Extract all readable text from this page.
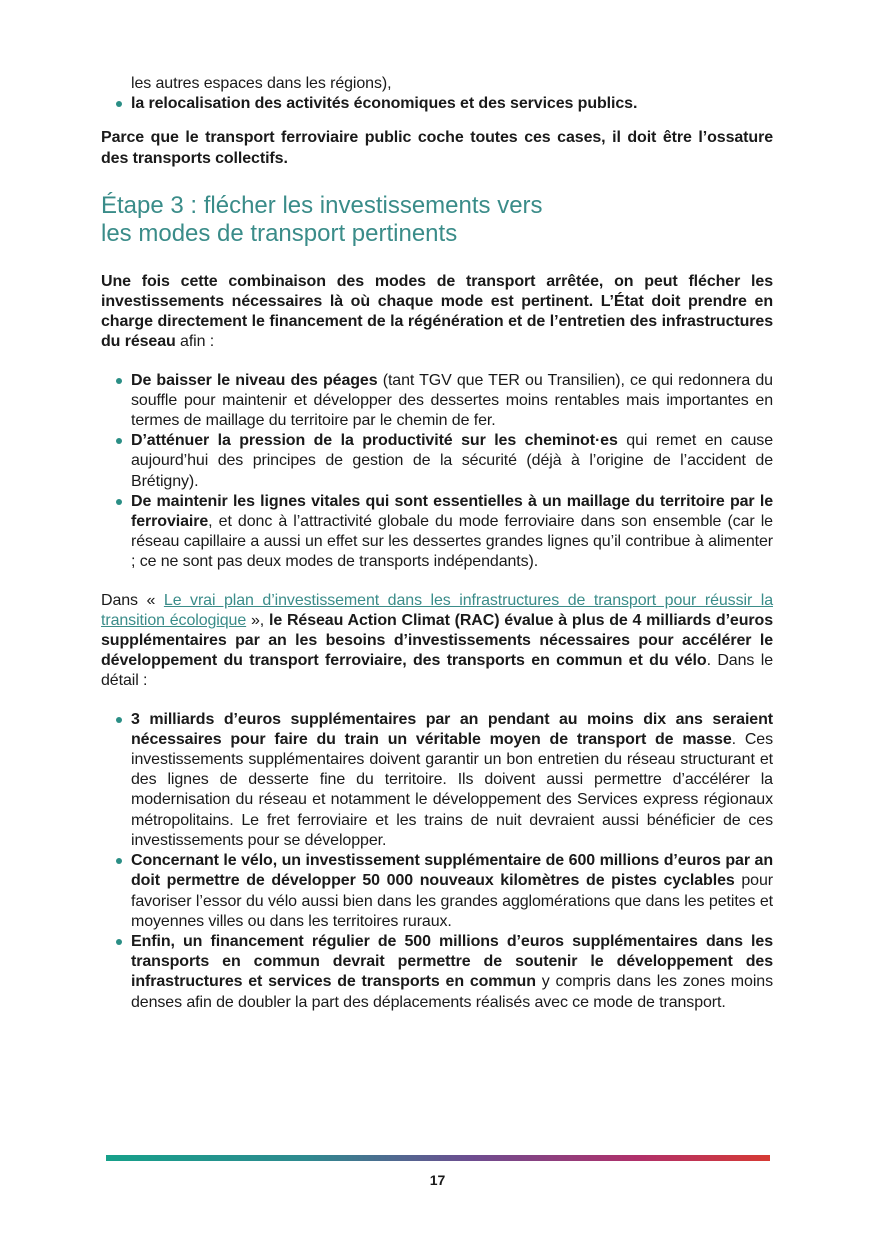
les autres espaces dans les régions),
la relocalisation des activités économiques et des services publics.

Parce que le transport ferroviaire public coche toutes ces cases, il doit être l’ossature des transports collectifs.

Étape 3 : flécher les investissements vers
les modes de transport pertinents

Une fois cette combinaison des modes de transport arrêtée, on peut flécher les investissements nécessaires là où chaque mode est pertinent. L’État doit prendre en charge directement le financement de la régénération et de l’entretien des infrastructures du réseau afin :

De baisser le niveau des péages (tant TGV que TER ou Transilien), ce qui redonnera du souffle pour maintenir et développer des dessertes moins rentables mais importantes en termes de maillage du territoire par le chemin de fer.
D’atténuer la pression de la productivité sur les cheminot·es qui remet en cause aujourd’hui des principes de gestion de la sécurité (déjà à l’origine de l’accident de Brétigny).
De maintenir les lignes vitales qui sont essentielles à un maillage du territoire par le ferroviaire, et donc à l’attractivité globale du mode ferroviaire dans son ensemble (car le réseau capillaire a aussi un effet sur les dessertes grandes lignes qu’il contribue à alimenter ; ce ne sont pas deux modes de transports indépendants).

Dans « Le vrai plan d’investissement dans les infrastructures de transport pour réussir la transition écologique », le Réseau Action Climat (RAC) évalue à plus de 4 milliards d’euros supplémentaires par an les besoins d’investissements nécessaires pour accélérer le développement du transport ferroviaire, des transports en commun et du vélo. Dans le détail :

3 milliards d’euros supplémentaires par an pendant au moins dix ans seraient nécessaires pour faire du train un véritable moyen de transport de masse. Ces investissements supplémentaires doivent garantir un bon entretien du réseau structurant et des lignes de desserte fine du territoire. Ils doivent aussi permettre d’accélérer la modernisation du réseau et notamment le développement des Services express régionaux métropolitains. Le fret ferroviaire et les trains de nuit devraient aussi bénéficier de ces investissements pour se développer.
Concernant le vélo, un investissement supplémentaire de 600 millions d’euros par an doit permettre de développer 50 000 nouveaux kilomètres de pistes cyclables pour favoriser l’essor du vélo aussi bien dans les grandes agglomérations que dans les petites et moyennes villes ou dans les territoires ruraux.
Enfin, un financement régulier de 500 millions d’euros supplémentaires dans les transports en commun devrait permettre de soutenir le développement des infrastructures et services de transports en commun y compris dans les zones moins denses afin de doubler la part des déplacements réalisés avec ce mode de transport.
17
